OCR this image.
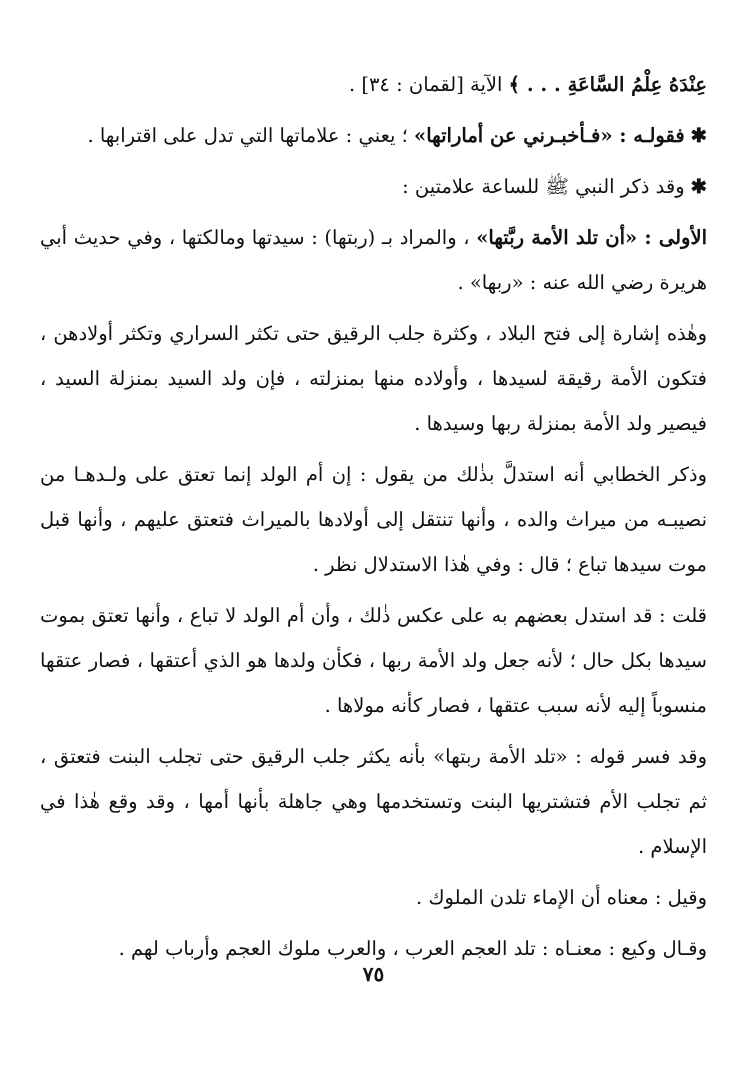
عِنْدَهُ عِلْمُ السَّاعَةِ . . . ﴾ الآية [لقمان : ٣٤] .

✱فقولـه : «فـأخبـرني عن أماراتها» ؛ يعني : علاماتها التي تدل على اقترابها .

✱وقد ذكر النبي ﷺ للساعة علامتين :

الأولى : «أن تلد الأمة ربَّتها» ، والمراد بـ (ربتها) : سيدتها ومالكتها ، وفي حديث أبي هريرة رضي الله عنه : «ربها» .

وهٰذه إشارة إلى فتح البلاد ، وكثرة جلب الرقيق حتى تكثر السراري وتكثر أولادهن ، فتكون الأمة رقيقة لسيدها ، وأولاده منها بمنزلته ، فإن ولد السيد بمنزلة السيد ، فيصير ولد الأمة بمنزلة ربها وسيدها .

وذكر الخطابي أنه استدلَّ بذٰلك من يقول : إن أم الولد إنما تعتق على ولـدهـا من نصيبـه من ميراث والده ، وأنها تنتقل إلى أولادها بالميراث فتعتق عليهم ، وأنها قبل موت سيدها تباع ؛ قال : وفي هٰذا الاستدلال نظر .

قلت : قد استدل بعضهم به على عكس ذٰلك ، وأن أم الولد لا تباع ، وأنها تعتق بموت سيدها بكل حال ؛ لأنه جعل ولد الأمة ربها ، فكأن ولدها هو الذي أعتقها ، فصار عتقها منسوباً إليه لأنه سبب عتقها ، فصار كأنه مولاها .

وقد فسر قوله : «تلد الأمة ربتها» بأنه يكثر جلب الرقيق حتى تجلب البنت فتعتق ، ثم تجلب الأم فتشتريها البنت وتستخدمها وهي جاهلة بأنها أمها ، وقد وقع هٰذا في الإسلام .

وقيل : معناه أن الإماء تلدن الملوك .

وقـال وكيع : معنـاه : تلد العجم العرب ، والعرب ملوك العجم وأرباب لهم .

٧٥
